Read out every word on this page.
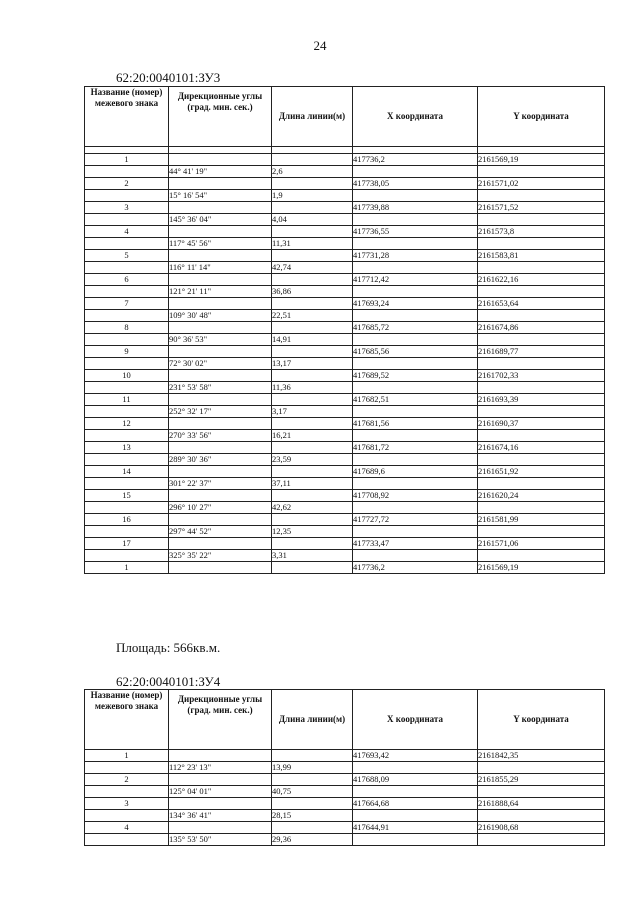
24
62:20:0040101:ЗУ3
Название (номер) межевого знака	Дирекционные углы (град. мин. сек.)	Длина линии(м)	X координата	Y координата

1			417736,2	2161569,19
	44° 41' 19"	2,6		
2			417738,05	2161571,02
	15° 16' 54"	1,9		
3			417739,88	2161571,52
	145° 36' 04"	4,04		
4			417736,55	2161573,8
	117° 45' 56"	11,31		
5			417731,28	2161583,81
	116° 11' 14"	42,74		
6			417712,42	2161622,16
	121° 21' 11"	36,86		
7			417693,24	2161653,64
	109° 30' 48"	22,51		
8			417685,72	2161674,86
	90° 36' 53"	14,91		
9			417685,56	2161689,77
	72° 30' 02"	13,17		
10			417689,52	2161702,33
	231° 53' 58"	11,36		
11			417682,51	2161693,39
	252° 32' 17"	3,17		
12			417681,56	2161690,37
	270° 33' 56"	16,21		
13			417681,72	2161674,16
	289° 30' 36"	23,59		
14			417689,6	2161651,92
	301° 22' 37"	37,11		
15			417708,92	2161620,24
	296° 10' 27"	42,62		
16			417727,72	2161581,99
	297° 44' 52"	12,35		
17			417733,47	2161571,06
	325° 35' 22"	3,31		
1			417736,2	2161569,19
Площадь: 566кв.м.
62:20:0040101:ЗУ4
Название (номер) межевого знака	Дирекционные углы (град. мин. сек.)	Длина линии(м)	X координата	Y координата
1			417693,42	2161842,35
	112° 23' 13"	13,99		
2			417688,09	2161855,29
	125° 04' 01"	40,75		
3			417664,68	2161888,64
	134° 36' 41"	28,15		
4			417644,91	2161908,68
	135° 53' 50"	29,36		
